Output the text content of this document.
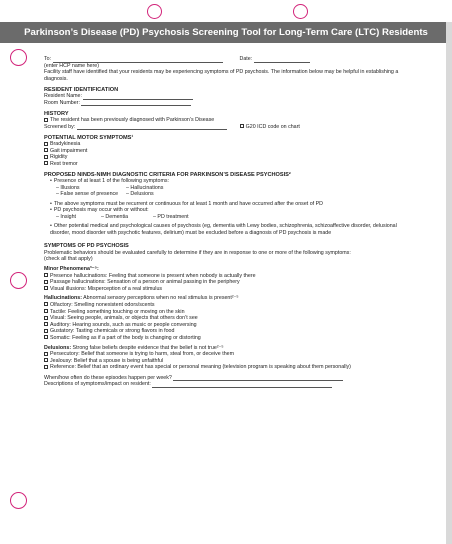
Parkinson’s Disease (PD) Psychosis Screening Tool for Long-Term Care (LTC) Residents
To:	Date:
(enter HCP name here)
Facility staff have identified that your residents may be experiencing symptoms of PD psychosis. The information below may be helpful in establishing a diagnosis.
RESIDENT IDENTIFICATION
Resident Name:
Room Number:
HISTORY
The resident has been previously diagnosed with Parkinson’s Disease
Screened by:	G20 ICD code on chart
POTENTIAL MOTOR SYMPTOMS¹
Bradykinesia
Gait impairment
Rigidity
Rest tremor
PROPOSED NINDS-NIMH DIAGNOSTIC CRITERIA FOR PARKINSON’S DISEASE PSYCHOSIS²
• Presence of at least 1 of the following symptoms:
– Illusions	– Hallucinations
– False sense of presence – Delusions
• The above symptoms must be recurrent or continuous for at least 1 month and have occurred after the onset of PD
• PD psychosis may occur with or without:
– Insight	– Dementia	– PD treatment
• Other potential medical and psychological causes of psychosis (eg, dementia with Lewy bodies, schizophrenia, schizoaffective disorder, delusional disorder, mood disorder with psychotic features, delirium) must be excluded before a diagnosis of PD psychosis is made
SYMPTOMS OF PD PSYCHOSIS
Problematic behaviors should be evaluated carefully to determine if they are in response to one or more of the following symptoms:
(check all that apply)
Minor Phenomena³⁻⁵:
Presence hallucinations: Feeling that someone is present when nobody is actually there
Passage hallucinations: Sensation of a person or animal passing in the periphery
Visual illusions: Misperception of a real stimulus
Hallucinations: Abnormal sensory perceptions when no real stimulus is present²⁻⁵
Olfactory: Smelling nonexistent odors/scents
Tactile: Feeling something touching or moving on the skin
Visual: Seeing people, animals, or objects that others don’t see
Auditory: Hearing sounds, such as music or people conversing
Gustatory: Tasting chemicals or strong flavors in food
Somatic: Feeling as if a part of the body is changing or distorting
Delusions: Strong false beliefs despite evidence that the belief is not true²⁻⁵
Persecutory: Belief that someone is trying to harm, steal from, or deceive them
Jealousy: Belief that a spouse is being unfaithful
Reference: Belief that an ordinary event has special or personal meaning (television program is speaking about them personally)
When/how often do these episodes happen per week?
Descriptions of symptoms/impact on resident:
